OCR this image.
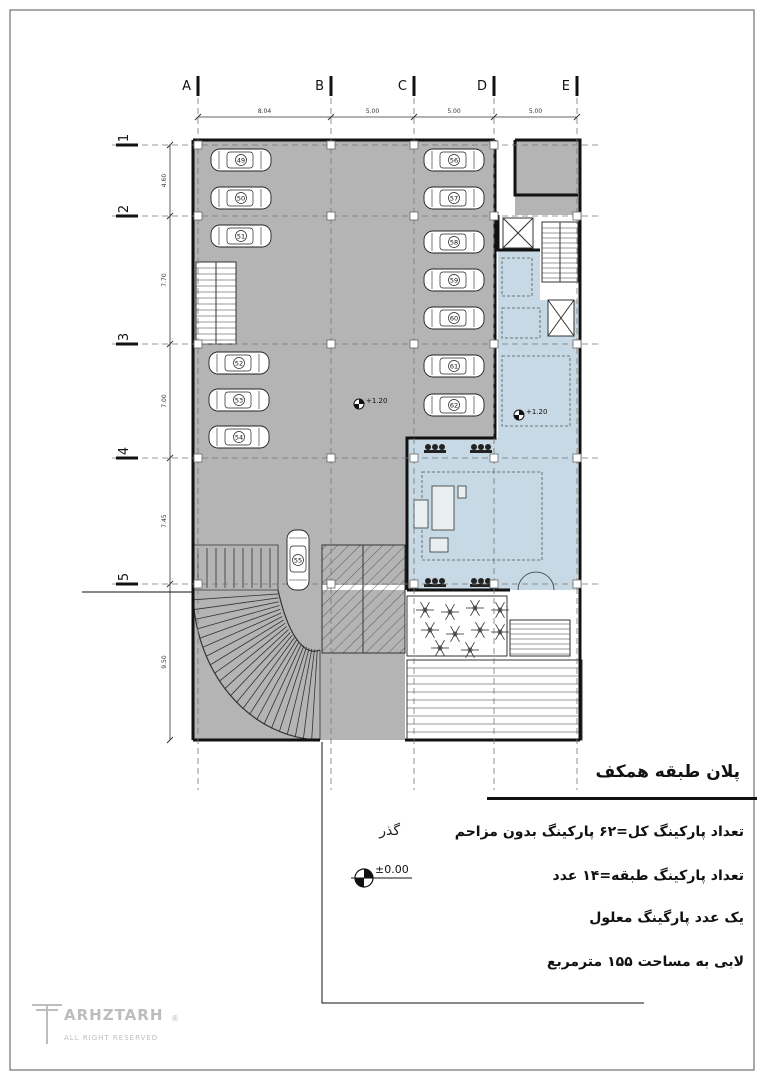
49
50
51
52
53
54
55
56
57
58
59
60
61
62
+1.20
+1.20
8.04	5.00	5.00	5.00
4.60
7.70
7.00
7.45
9.50
A	B	C	D	E
1
2
3
4
5
±0.00
پلان طبقه همکف
تعداد پارکینگ کل=۶۲ پارکینگ بدون مزاحم
تعداد پارکینگ طبقه=۱۴ عدد
یک عدد پارگینگ معلول
لابی به مساحت ۱۵۵ مترمربع
گذر
ARHZTARH
ALL RIGHT RESERVED
®
